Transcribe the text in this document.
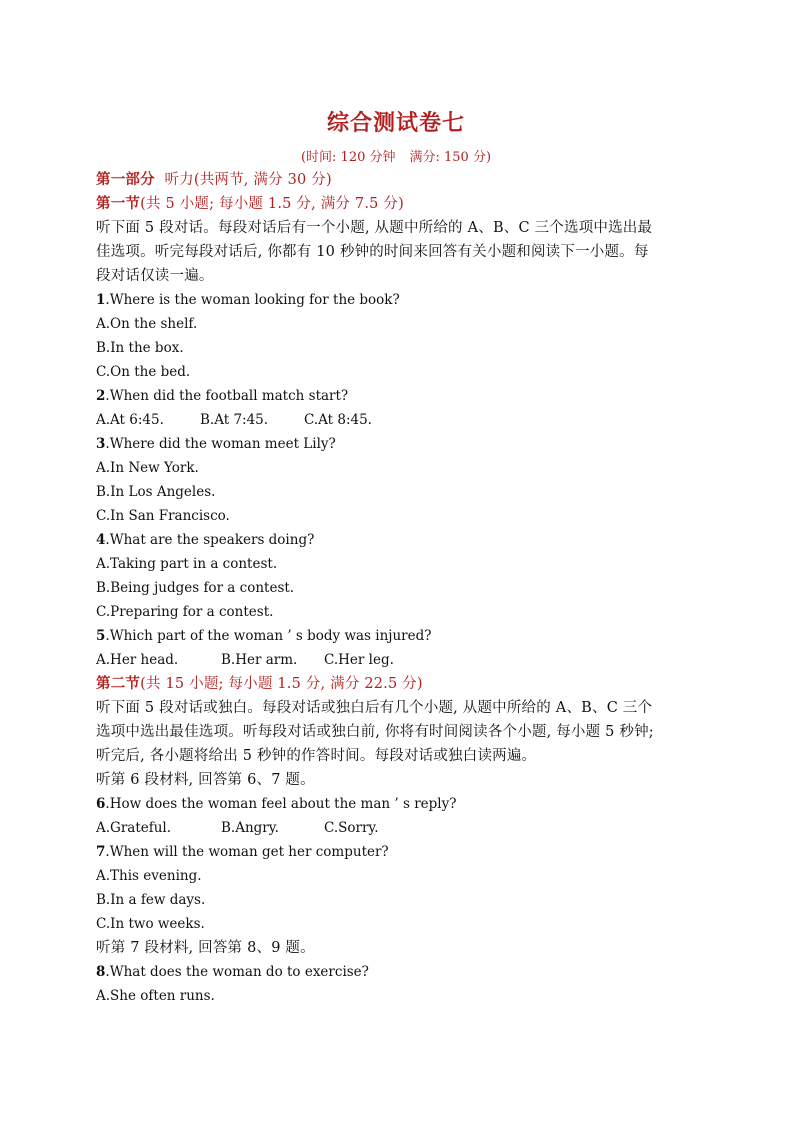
综合测试卷七
(时间: 120 分钟 满分: 150 分)
第一部分 听力(共两节, 满分 30 分)
第一节(共 5 小题; 每小题 1.5 分, 满分 7.5 分)
听下面 5 段对话。每段对话后有一个小题, 从题中所给的 A、B、C 三个选项中选出最
佳选项。听完每段对话后, 你都有 10 秒钟的时间来回答有关小题和阅读下一小题。每
段对话仅读一遍。
1.Where is the woman looking for the book?
A.On the shelf.
B.In the box.
C.On the bed.
2.When did the football match start?
A.At 6:45.	B.At 7:45.	C.At 8:45.
3.Where did the woman meet Lily?
A.In New York.
B.In Los Angeles.
C.In San Francisco.
4.What are the speakers doing?
A.Taking part in a contest.
B.Being judges for a contest.
C.Preparing for a contest.
5.Which part of the woman ’ s body was injured?
A.Her head.	B.Her arm. C.Her leg.
第二节(共 15 小题; 每小题 1.5 分, 满分 22.5 分)
听下面 5 段对话或独白。每段对话或独白后有几个小题, 从题中所给的 A、B、C 三个
选项中选出最佳选项。听每段对话或独白前, 你将有时间阅读各个小题, 每小题 5 秒钟;
听完后, 各小题将给出 5 秒钟的作答时间。每段对话或独白读两遍。
听第 6 段材料, 回答第 6、7 题。
6.How does the woman feel about the man ’ s reply?
A.Grateful.	B.Angry.	C.Sorry.
7.When will the woman get her computer?
A.This evening.
B.In a few days.
C.In two weeks.
听第 7 段材料, 回答第 8、9 题。
8.What does the woman do to exercise?
A.She often runs.
